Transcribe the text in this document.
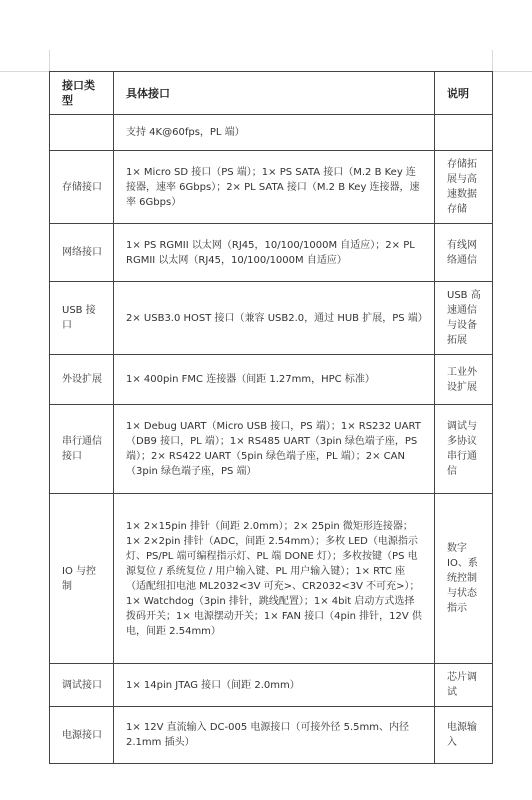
接口类型	具体接口	说明
	支持 4K@60fps，PL 端）	
存储接口	1× Micro SD 接口（PS 端）；1× PS SATA 接口（M.2 B Key 连接器，速率 6Gbps）；2× PL SATA 接口（M.2 B Key 连接器，速率 6Gbps）	存储拓展与高速数据存储
网络接口	1× PS RGMII 以太网（RJ45，10/100/1000M 自适应）；2× PL RGMII 以太网（RJ45，10/100/1000M 自适应）	有线网络通信
USB 接口	2× USB3.0 HOST 接口（兼容 USB2.0，通过 HUB 扩展，PS 端）	USB 高速通信与设备拓展
外设扩展	1× 400pin FMC 连接器（间距 1.27mm，HPC 标准）	工业外设扩展
串行通信接口	1× Debug UART（Micro USB 接口，PS 端）；1× RS232 UART（DB9 接口，PL 端）；1× RS485 UART（3pin 绿色端子座，PS 端）；2× RS422 UART（5pin 绿色端子座，PL 端）；2× CAN（3pin 绿色端子座，PS 端）	调试与多协议串行通信
IO 与控制	1× 2×15pin 排针（间距 2.0mm）；2× 25pin 微矩形连接器；1× 2×2pin 排针（ADC，间距 2.54mm）；多枚 LED（电源指示灯、PS/PL 端可编程指示灯、PL 端 DONE 灯）；多枚按键（PS 电源复位 / 系统复位 / 用户输入键、PL 用户输入键）；1× RTC 座（适配纽扣电池 ML2032<3V 可充>、CR2032<3V 不可充>）；1× Watchdog（3pin 排针，跳线配置）；1× 4bit 启动方式选择拨码开关；1× 电源摆动开关；1× FAN 接口（4pin 排针，12V 供电，间距 2.54mm）	数字 IO、系统控制与状态指示
调试接口	1× 14pin JTAG 接口（间距 2.0mm）	芯片调试
电源接口	1× 12V 直流输入 DC-005 电源接口（可接外径 5.5mm、内径 2.1mm 插头）	电源输入
